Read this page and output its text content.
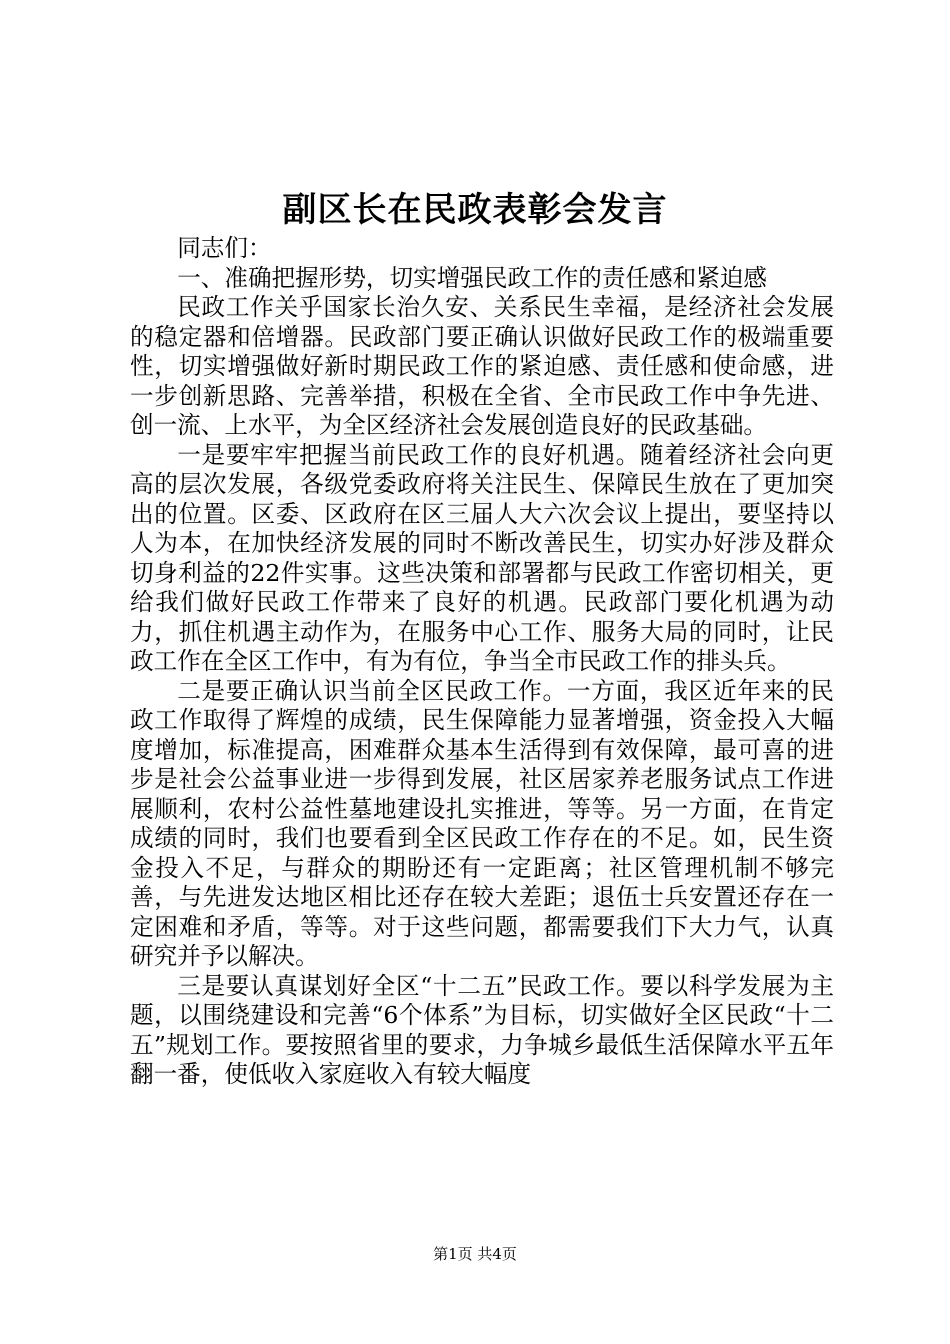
副区长在民政表彰会发言

同志们：

一、准确把握形势，切实增强民政工作的责任感和紧迫感

民政工作关乎国家长治久安、关系民生幸福，是经济社会发展的稳定器和倍增器。民政部门要正确认识做好民政工作的极端重要性，切实增强做好新时期民政工作的紧迫感、责任感和使命感，进一步创新思路、完善举措，积极在全省、全市民政工作中争先进、创一流、上水平，为全区经济社会发展创造良好的民政基础。

一是要牢牢把握当前民政工作的良好机遇。随着经济社会向更高的层次发展，各级党委政府将关注民生、保障民生放在了更加突出的位置。区委、区政府在区三届人大六次会议上提出，要坚持以人为本，在加快经济发展的同时不断改善民生，切实办好涉及群众切身利益的22件实事。这些决策和部署都与民政工作密切相关，更给我们做好民政工作带来了良好的机遇。民政部门要化机遇为动力，抓住机遇主动作为，在服务中心工作、服务大局的同时，让民政工作在全区工作中，有为有位，争当全市民政工作的排头兵。

二是要正确认识当前全区民政工作。一方面，我区近年来的民政工作取得了辉煌的成绩，民生保障能力显著增强，资金投入大幅度增加，标准提高，困难群众基本生活得到有效保障，最可喜的进步是社会公益事业进一步得到发展，社区居家养老服务试点工作进展顺利，农村公益性墓地建设扎实推进，等等。另一方面，在肯定成绩的同时，我们也要看到全区民政工作存在的不足。如，民生资金投入不足，与群众的期盼还有一定距离；社区管理机制不够完善，与先进发达地区相比还存在较大差距；退伍士兵安置还存在一定困难和矛盾，等等。对于这些问题，都需要我们下大力气，认真研究并予以解决。

三是要认真谋划好全区“十二五”民政工作。要以科学发展为主题，以围绕建设和完善“6个体系”为目标，切实做好全区民政“十二五”规划工作。要按照省里的要求，力争城乡最低生活保障水平五年翻一番，使低收入家庭收入有较大幅度

第1页 共4页
